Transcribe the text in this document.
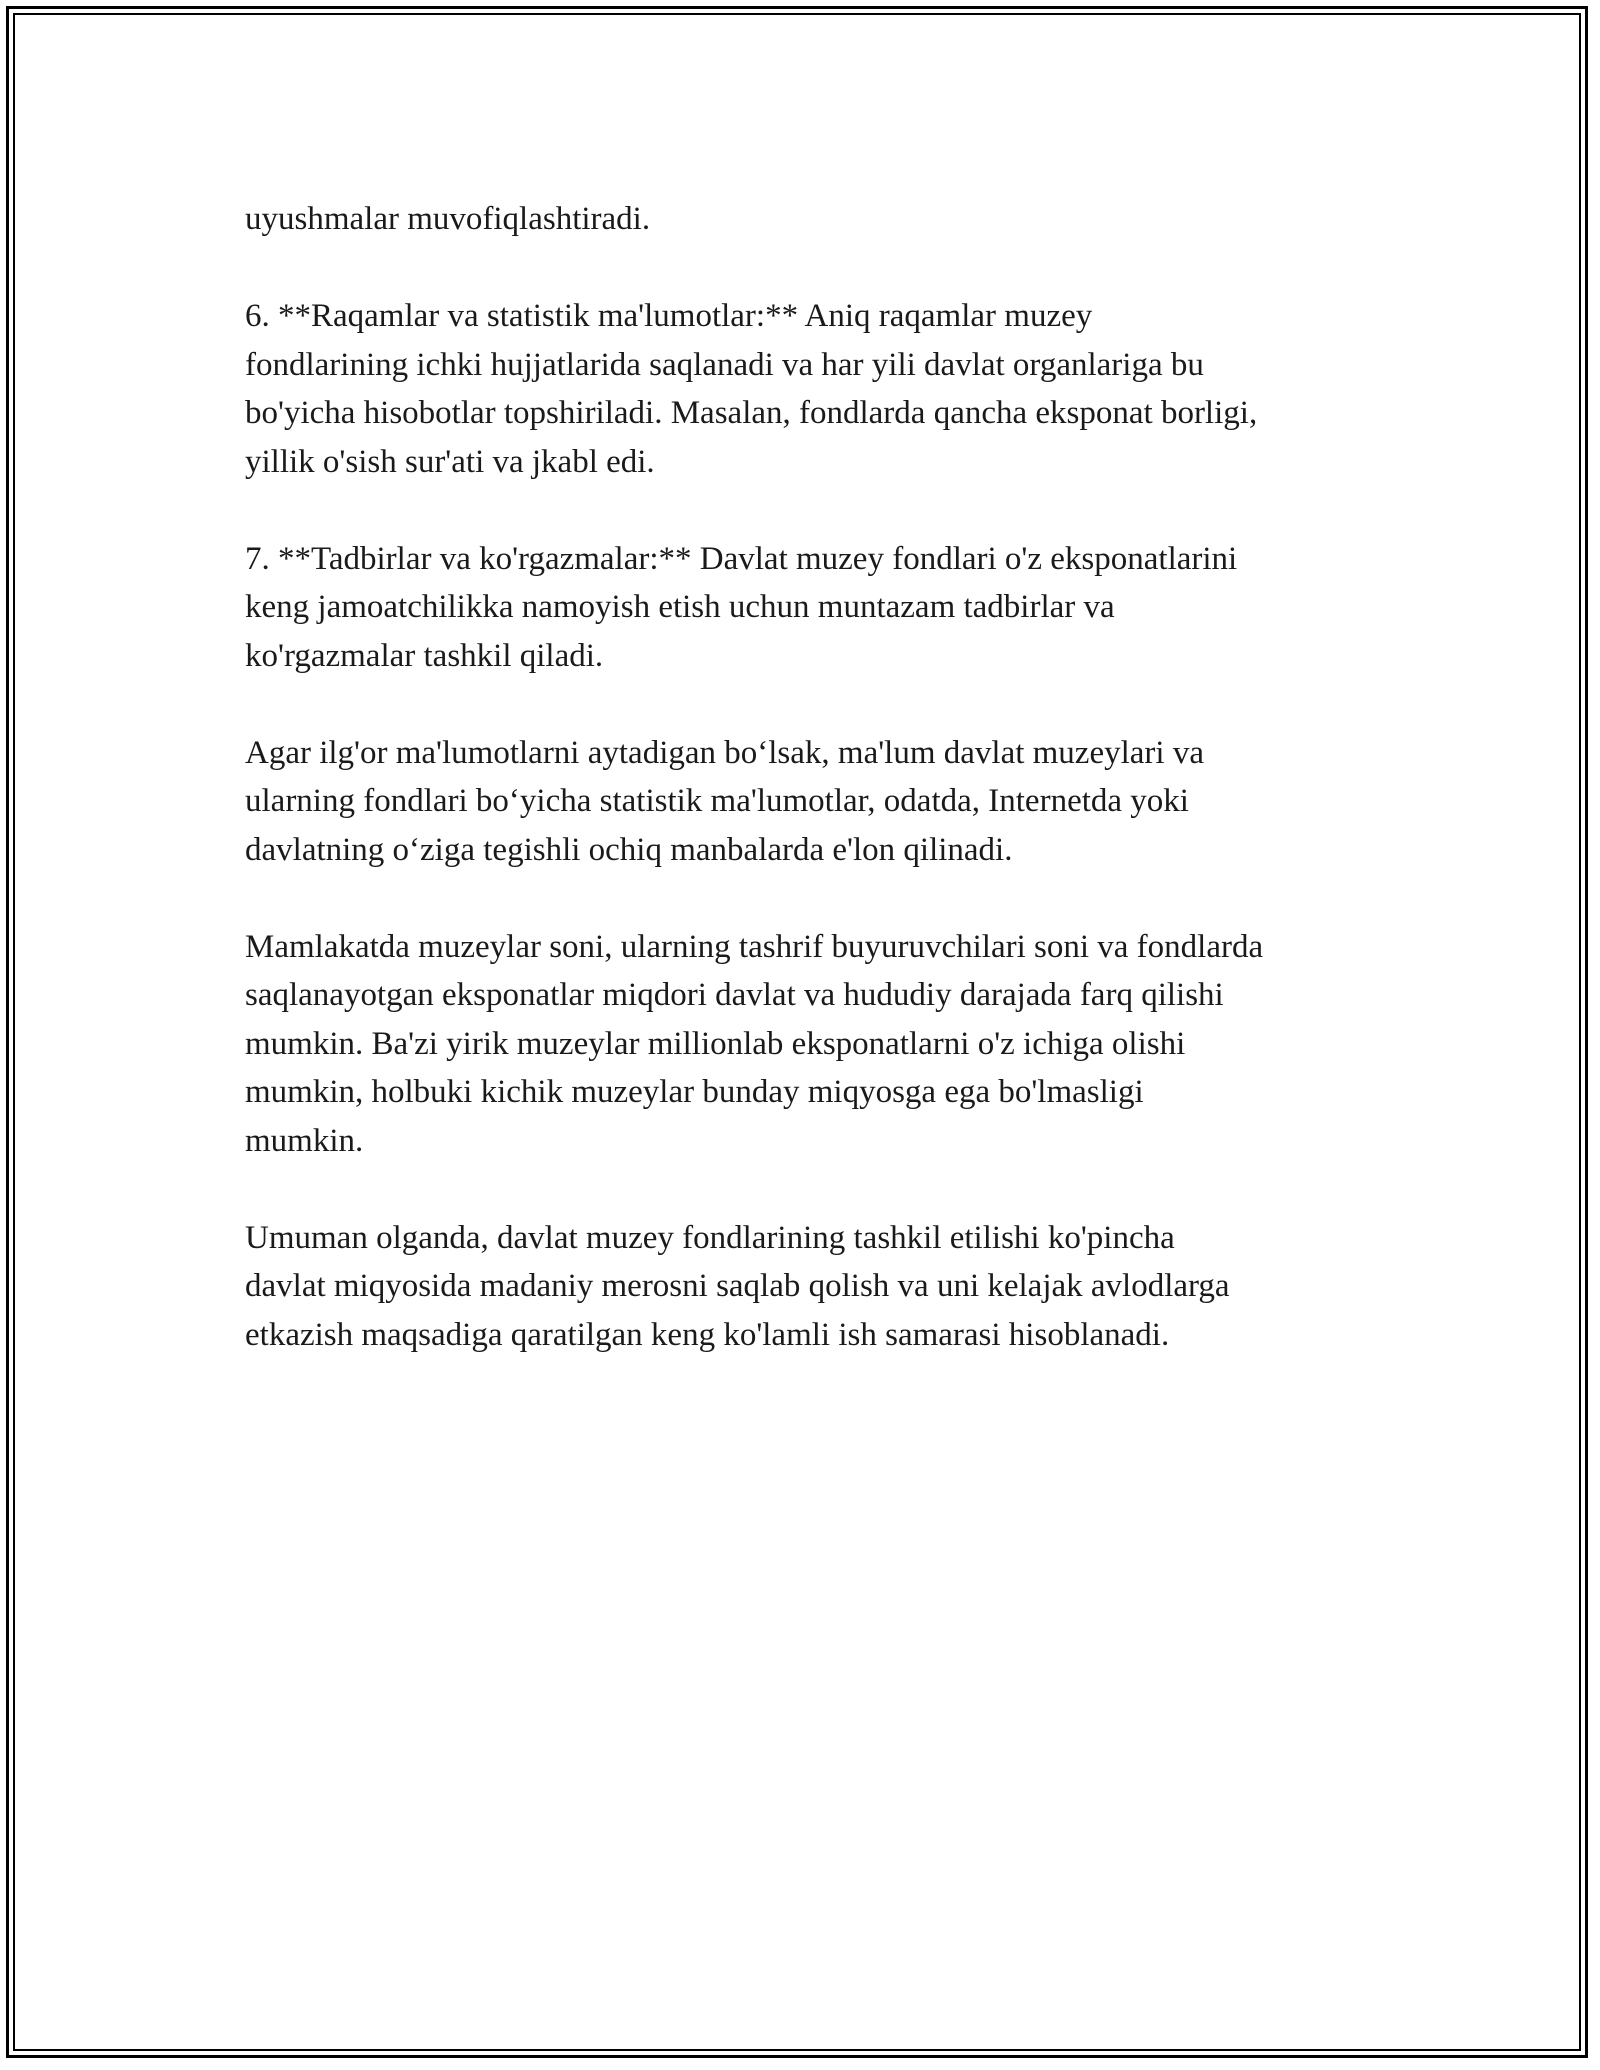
uyushmalar muvofiqlashtiradi.

6. **Raqamlar va statistik ma'lumotlar:** Aniq raqamlar muzey
fondlarining ichki hujjatlarida saqlanadi va har yili davlat organlariga bu
bo'yicha hisobotlar topshiriladi. Masalan, fondlarda qancha eksponat borligi,
yillik o'sish sur'ati va jkabl edi.

7. **Tadbirlar va ko'rgazmalar:** Davlat muzey fondlari o'z eksponatlarini
keng jamoatchilikka namoyish etish uchun muntazam tadbirlar va
ko'rgazmalar tashkil qiladi.

Agar ilg'or ma'lumotlarni aytadigan boʻlsak, ma'lum davlat muzeylari va
ularning fondlari boʻyicha statistik ma'lumotlar, odatda, Internetda yoki
davlatning oʻziga tegishli ochiq manbalarda e'lon qilinadi.

Mamlakatda muzeylar soni, ularning tashrif buyuruvchilari soni va fondlarda
saqlanayotgan eksponatlar miqdori davlat va hududiy darajada farq qilishi
mumkin. Ba'zi yirik muzeylar millionlab eksponatlarni o'z ichiga olishi
mumkin, holbuki kichik muzeylar bunday miqyosga ega bo'lmasligi
mumkin.

Umuman olganda, davlat muzey fondlarining tashkil etilishi ko'pincha
davlat miqyosida madaniy merosni saqlab qolish va uni kelajak avlodlarga
etkazish maqsadiga qaratilgan keng ko'lamli ish samarasi hisoblanadi.
